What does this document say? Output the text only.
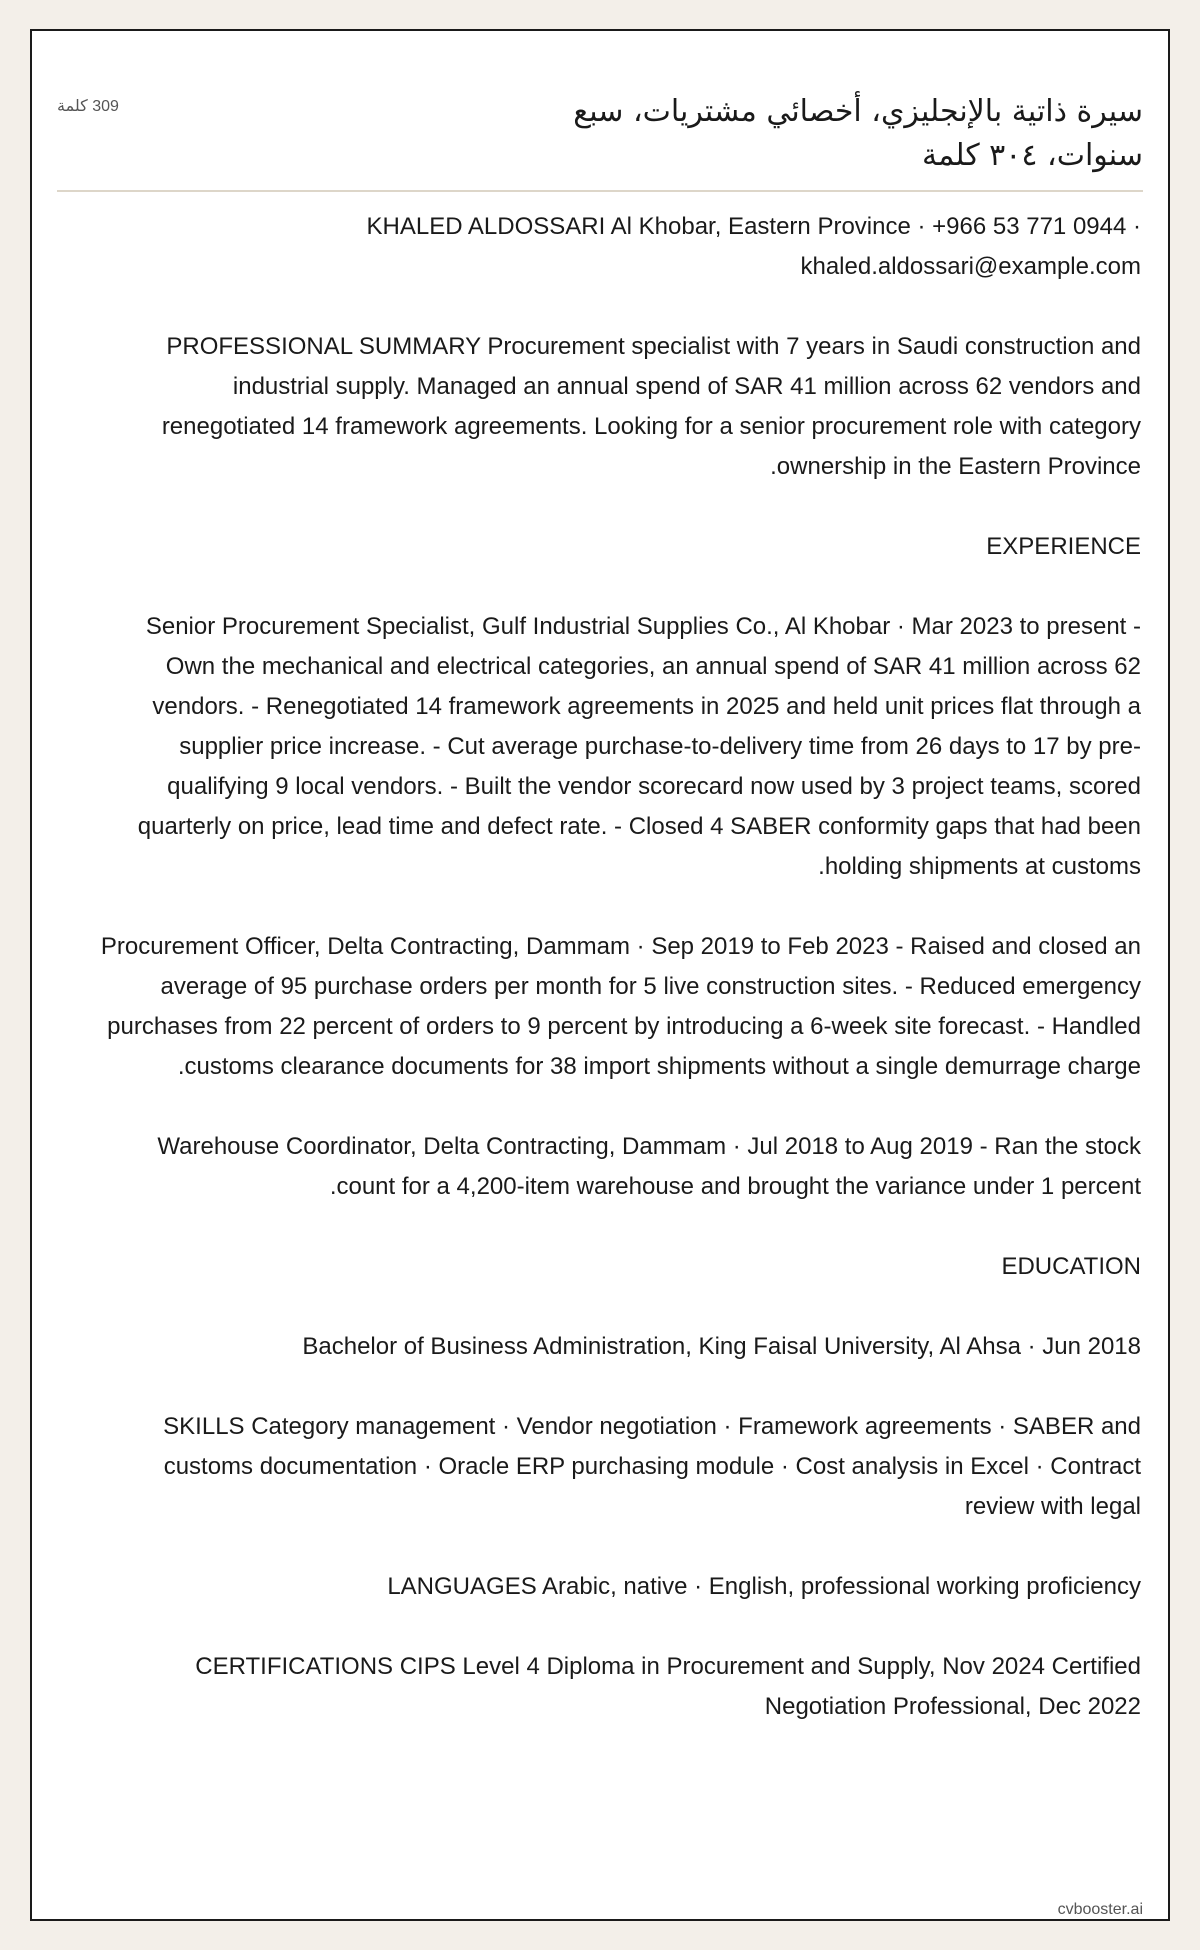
309 كلمة	سيرة ذاتية بالإنجليزي، أخصائي مشتريات، سبع سنوات، ٣٠٤ كلمة

KHALED ALDOSSARI Al Khobar, Eastern Province · +966 53 771 0944 · khaled.aldossari@example.com

PROFESSIONAL SUMMARY Procurement specialist with 7 years in Saudi construction and industrial supply. Managed an annual spend of SAR 41 million across 62 vendors and renegotiated 14 framework agreements. Looking for a senior procurement role with category ownership in the Eastern Province.

EXPERIENCE

Senior Procurement Specialist, Gulf Industrial Supplies Co., Al Khobar · Mar 2023 to present - Own the mechanical and electrical categories, an annual spend of SAR 41 million across 62 vendors. - Renegotiated 14 framework agreements in 2025 and held unit prices flat through a supplier price increase. - Cut average purchase-to-delivery time from 26 days to 17 by pre-qualifying 9 local vendors. - Built the vendor scorecard now used by 3 project teams, scored quarterly on price, lead time and defect rate. - Closed 4 SABER conformity gaps that had been holding shipments at customs.

Procurement Officer, Delta Contracting, Dammam · Sep 2019 to Feb 2023 - Raised and closed an average of 95 purchase orders per month for 5 live construction sites. - Reduced emergency purchases from 22 percent of orders to 9 percent by introducing a 6-week site forecast. - Handled customs clearance documents for 38 import shipments without a single demurrage charge.

Warehouse Coordinator, Delta Contracting, Dammam · Jul 2018 to Aug 2019 - Ran the stock count for a 4,200-item warehouse and brought the variance under 1 percent.

EDUCATION

Bachelor of Business Administration, King Faisal University, Al Ahsa · Jun 2018

SKILLS Category management · Vendor negotiation · Framework agreements · SABER and customs documentation · Oracle ERP purchasing module · Cost analysis in Excel · Contract review with legal

LANGUAGES Arabic, native · English, professional working proficiency

CERTIFICATIONS CIPS Level 4 Diploma in Procurement and Supply, Nov 2024 Certified Negotiation Professional, Dec 2022

cvbooster.ai
